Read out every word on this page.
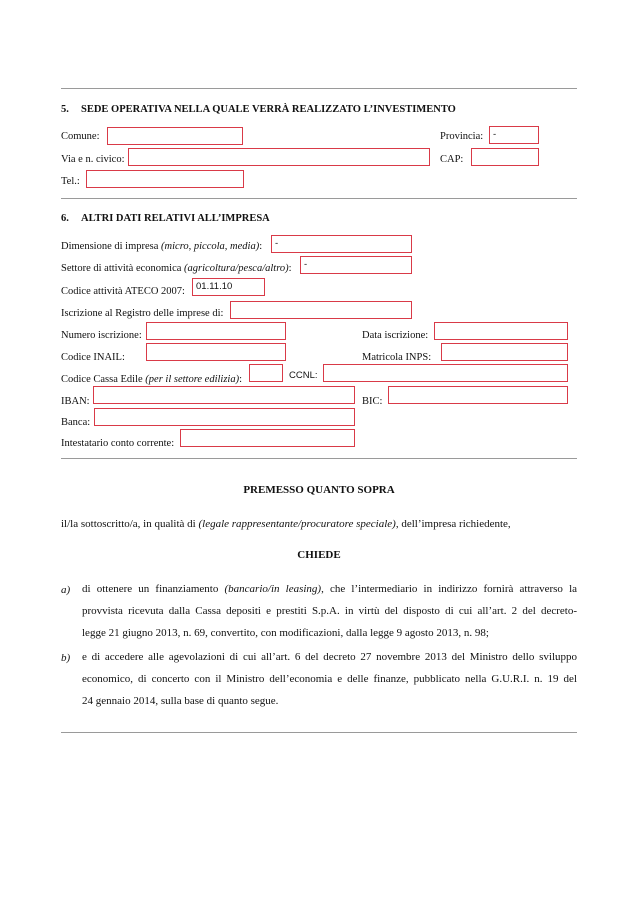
5. SEDE OPERATIVA NELLA QUALE VERRÀ REALIZZATO L’INVESTIMENTO
Comune:	Provincia:	-
Via e n. civico:	CAP:
Tel.:
6. ALTRI DATI RELATIVI ALL’IMPRESA
Dimensione di impresa (micro, piccola, media):	-
Settore di attività economica (agricoltura/pesca/altro):	-
Codice attività ATECO 2007:	01.11.10
Iscrizione al Registro delle imprese di:
Numero iscrizione:	Data iscrizione:
Codice INAIL:	Matricola INPS:
Codice Cassa Edile (per il settore edilizia):	CCNL:
IBAN:	BIC:
Banca:
Intestatario conto corrente:
PREMESSO QUANTO SOPRA
il/la sottoscritto/a, in qualità di (legale rappresentante/procuratore speciale), dell’impresa richiedente,
CHIEDE
a) di ottenere un finanziamento (bancario/in leasing), che l’intermediario in indirizzo fornirà attraverso la
provvista ricevuta dalla Cassa depositi e prestiti S.p.A. in virtù del disposto di cui all’art. 2 del decreto-
legge 21 giugno 2013, n. 69, convertito, con modificazioni, dalla legge 9 agosto 2013, n. 98;
b) e di accedere alle agevolazioni di cui all’art. 6 del decreto 27 novembre 2013 del Ministro dello sviluppo
economico, di concerto con il Ministro dell’economia e delle finanze, pubblicato nella G.U.R.I. n. 19 del
24 gennaio 2014, sulla base di quanto segue.
